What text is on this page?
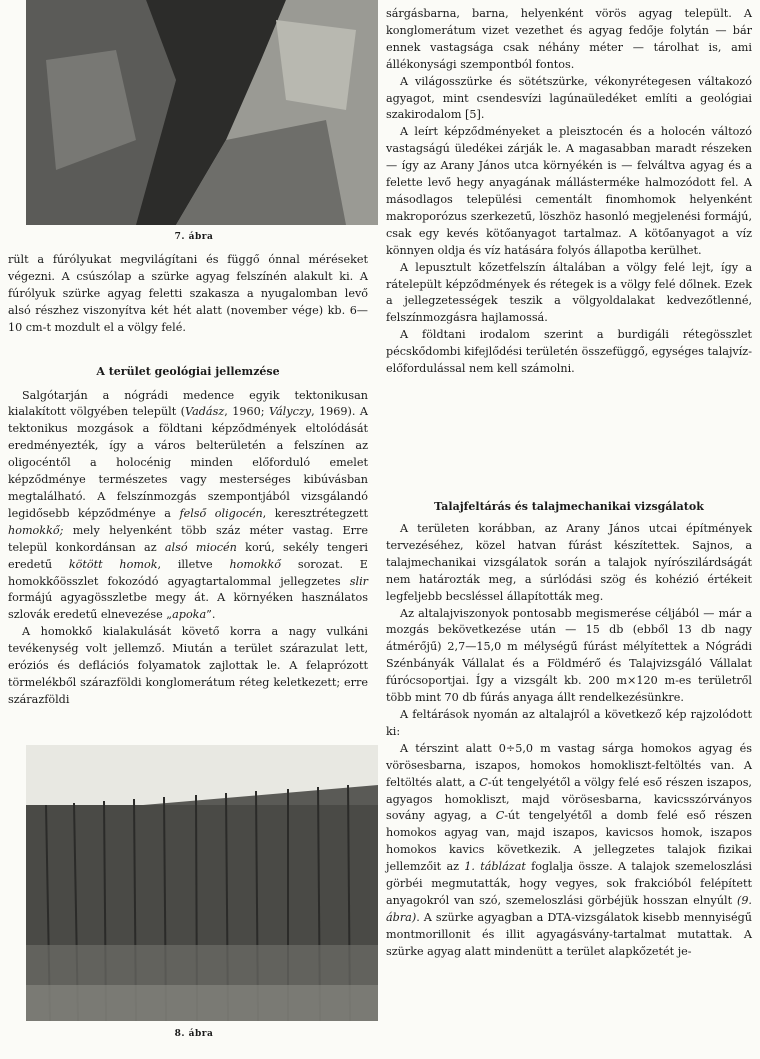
7. ábra

rült a fúrólyukat megvilágítani és függő ónnal méréseket végezni. A csúszólap a szürke agyag felszínén alakult ki. A fúrólyuk szürke agyag feletti szakasza a nyugalomban levő alsó részhez viszonyítva két hét alatt (november vége) kb. 6—10 cm-t mozdult el a völgy felé.

A terület geológiai jellemzése

Salgótarján a nógrádi medence egyik tektonikusan kialakított völgyében települt (Vadász, 1960; Vályczy, 1969). A tektonikus mozgások a földtani képződmények eltolódását eredményezték, így a város belterületén a felszínen az oligocéntől a holocénig minden előforduló emelet képződménye természetes vagy mesterséges kibúvásban megtalálható. A felszínmozgás szempontjából vizsgálandó legidősebb képződménye a felső oligocén, keresztrétegzett homokkő; mely helyenként több száz méter vastag. Erre települ konkordánsan az alsó miocén korú, sekély tengeri eredetű kötött homok, illetve homokkő sorozat. E homokkőösszlet fokozódó agyagtartalommal jellegzetes slir formájú agyagösszletbe megy át. A környéken használatos szlovák eredetű elnevezése „apoka”.

A homokkő kialakulását követő korra a nagy vulkáni tevékenység volt jellemző. Miután a terület szárazulat lett, eróziós és deflációs folyamatok zajlottak le. A felaprózott törmelékből szárazföldi konglomerátum réteg keletkezett; erre szárazföldi

8. ábra

sárgásbarna, barna, helyenként vörös agyag települt. A konglomerátum vizet vezethet és agyag fedője folytán — bár ennek vastagsága csak néhány méter — tárolhat is, ami állékonysági szempontból fontos.

A világosszürke és sötétszürke, vékonyrétegesen váltakozó agyagot, mint csendesvízi lagúnaüledéket említi a geológiai szakirodalom [5].

A leírt képződményeket a pleisztocén és a holocén változó vastagságú üledékei zárják le. A magasabban maradt részeken — így az Arany János utca környékén is — felváltva agyag és a felette levő hegy anyagának mállásterméke halmozódott fel. A másodlagos települési cementált finomhomok helyenként makroporózus szerkezetű, löszhöz hasonló megjelenési formájú, csak egy kevés kötőanyagot tartalmaz. A kötőanyagot a víz könnyen oldja és víz hatására folyós állapotba kerülhet.

A lepusztult kőzetfelszín általában a völgy felé lejt, így a rátelepült képződmények és rétegek is a völgy felé dőlnek. Ezek a jellegzetességek teszik a völgyoldalakat kedvezőtlenné, felszínmozgásra hajlamossá.

A földtani irodalom szerint a burdigáli rétegösszlet pécskődombi kifejlődési területén összefüggő, egységes talajvíz-előfordulással nem kell számolni.

Talajfeltárás és talajmechanikai vizsgálatok

A területen korábban, az Arany János utcai építmények tervezéséhez, közel hatvan fúrást készítettek. Sajnos, a talajmechanikai vizsgálatok során a talajok nyírószilárdságát nem határozták meg, a súrlódási szög és kohézió értékeit legfeljebb becsléssel állapították meg.

Az altalajviszonyok pontosabb megismerése céljából — már a mozgás bekövetkezése után — 15 db (ebből 13 db nagy átmérőjű) 2,7—15,0 m mélységű fúrást mélyítettek a Nógrádi Szénbányák Vállalat és a Földmérő és Talajvizsgáló Vállalat fúrócsoportjai. Így a vizsgált kb. 200 m×120 m-es területről több mint 70 db fúrás anyaga állt rendelkezésünkre.

A feltárások nyomán az altalajról a következő kép rajzolódott ki:

A térszint alatt 0÷5,0 m vastag sárga homokos agyag és vörösesbarna, iszapos, homokos homokliszt-feltöltés van. A feltöltés alatt, a C-út tengelyétől a völgy felé eső részen iszapos, agyagos homokliszt, majd vörösesbarna, kavicsszórványos sovány agyag, a C-út tengelyétől a domb felé eső részen homokos agyag van, majd iszapos, kavicsos homok, iszapos homokos kavics következik. A jellegzetes talajok fizikai jellemzőit az 1. táblázat foglalja össze. A talajok szemeloszlási görbéi megmutatták, hogy vegyes, sok frakcióból felépített anyagokról van szó, szemeloszlási görbéjük hosszan elnyúlt (9. ábra). A szürke agyagban a DTA-vizsgálatok kisebb mennyiségű montmorillonit és illit agyagásvány-tartalmat mutattak. A szürke agyag alatt mindenütt a terület alapkőzetét je-
